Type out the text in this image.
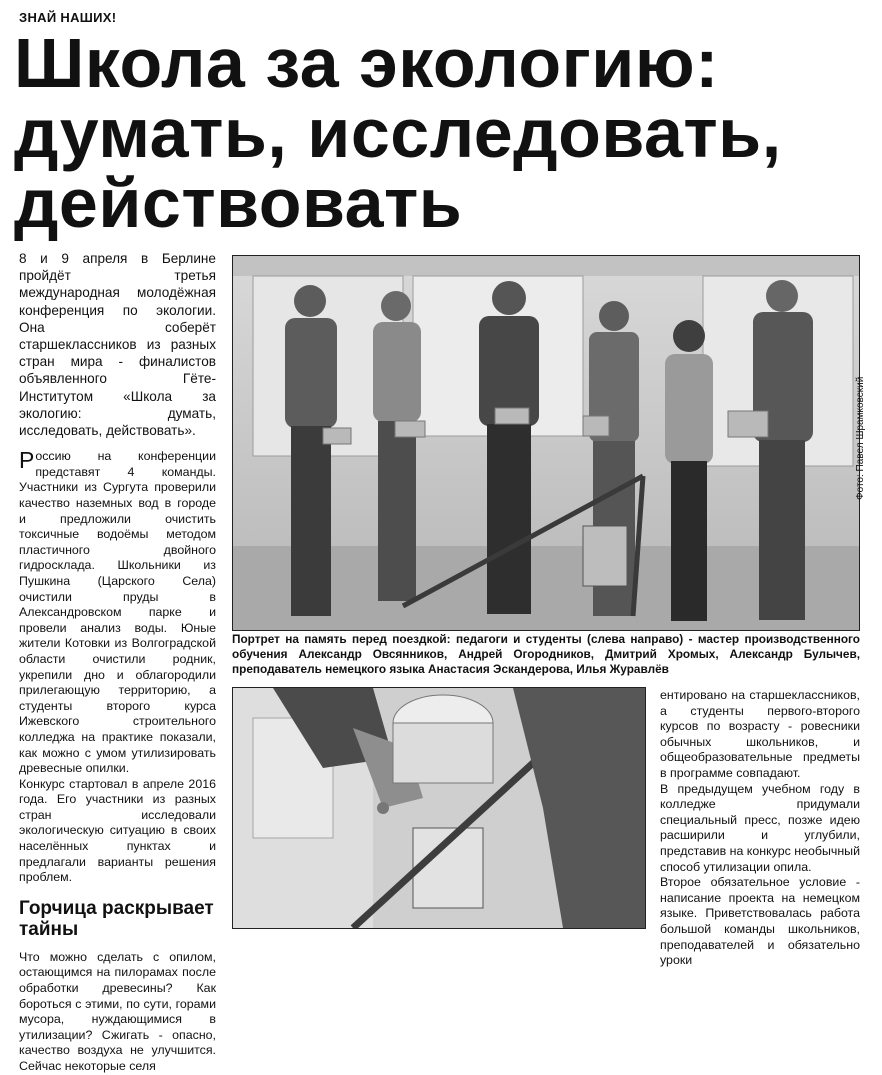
ЗНАЙ НАШИХ!
Школа за экологию:
думать, исследовать,
действовать

8 и 9 апреля в Берлине пройдёт третья международная молодёжная конференция по экологии. Она соберёт старшеклассников из разных стран мира - финалистов объявленного Гёте-Институтом «Школа за экологию: думать, исследовать, действовать».

Россию на конференции представят 4 команды. Участники из Сургута проверили качество наземных вод в городе и предложили очистить токсичные водоёмы методом пластичного двойного гидросклада. Школьники из Пушкина (Царского Села) очистили пруды в Александровском парке и провели анализ воды. Юные жители Котовки из Волгоградской области очистили родник, укрепили дно и облагородили прилегающую территорию, а студенты второго курса Ижевского строительного колледжа на практике показали, как можно с умом утилизировать древесные опилки.

Конкурс стартовал в апреле 2016 года. Его участники из разных стран исследовали экологическую ситуацию в своих населённых пунктах и предлагали варианты решения проблем.

Горчица раскрывает тайны

Что можно сделать с опилом, остающимся на пилорамах после обработки древесины? Как бороться с этими, по сути, горами мусора, нуждающимися в утилизации? Сжигать - опасно, качество воздуха не улучшится. Сейчас некоторые селя

Фото: Павел Шрамковский
Портрет на память перед поездкой: педагоги и студенты (слева направо) - мастер производственного обучения Александр Овсянников, Андрей Огородников, Дмитрий Хромых, Александр Булычев, преподаватель немецкого языка Анастасия Эскандерова, Илья Журавлёв

ентировано на старшеклассников, а студенты первого-второго курсов по возрасту - ровесники обычных школьников, и общеобразовательные предметы в программе совпадают.

В предыдущем учебном году в колледже придумали специальный пресс, позже идею расширили и углубили, представив на конкурс необычный способ утилизации опила.

Второе обязательное условие - написание проекта на немецком языке. Приветствовалась работа большой команды школьников, преподавателей и обязательно уроки
